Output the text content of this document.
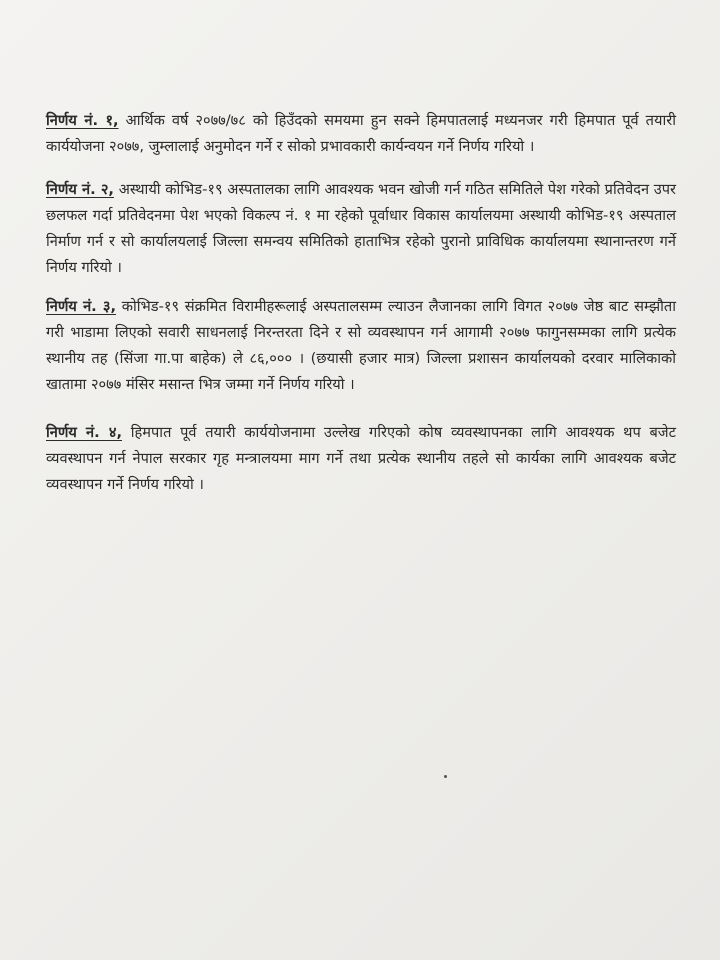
निर्णय नं. १, आर्थिक वर्ष २०७७/७८ को हिउँदको समयमा हुन सक्ने हिमपातलाई मध्यनजर गरी हिमपात पूर्व तयारी कार्ययोजना २०७७, जुम्लालाई अनुमोदन गर्ने र सोको प्रभावकारी कार्यन्वयन गर्ने निर्णय गरियो ।
निर्णय नं. २, अस्थायी कोभिड-१९ अस्पतालका लागि आवश्यक भवन खोजी गर्न गठित समितिले पेश गरेको प्रतिवेदन उपर छलफल गर्दा प्रतिवेदनमा पेश भएको विकल्प नं. १ मा रहेको पूर्वाधार विकास कार्यालयमा अस्थायी कोभिड-१९ अस्पताल निर्माण गर्न र सो कार्यालयलाई जिल्ला समन्वय समितिको हाताभित्र रहेको पुरानो प्राविधिक कार्यालयमा स्थानान्तरण गर्ने निर्णय गरियो ।
निर्णय नं. ३, कोभिड-१९ संक्रमित विरामीहरूलाई अस्पतालसम्म ल्याउन लैजानका लागि विगत २०७७ जेष्ठ बाट सम्झौता गरी भाडामा लिएको सवारी साधनलाई निरन्तरता दिने र सो व्यवस्थापन गर्न आगामी २०७७ फागुनसम्मका लागि प्रत्येक स्थानीय तह (सिंजा गा.पा बाहेक) ले ८६,००० । (छयासी हजार मात्र) जिल्ला प्रशासन कार्यालयको दरवार मालिकाको खातामा २०७७ मंसिर मसान्त भित्र जम्मा गर्ने निर्णय गरियो ।
निर्णय नं. ४, हिमपात पूर्व तयारी कार्ययोजनामा उल्लेख गरिएको कोष व्यवस्थापनका लागि आवश्यक थप बजेट व्यवस्थापन गर्न नेपाल सरकार गृह मन्त्रालयमा माग गर्ने तथा प्रत्येक स्थानीय तहले सो कार्यका लागि आवश्यक बजेट व्यवस्थापन गर्ने निर्णय गरियो ।
